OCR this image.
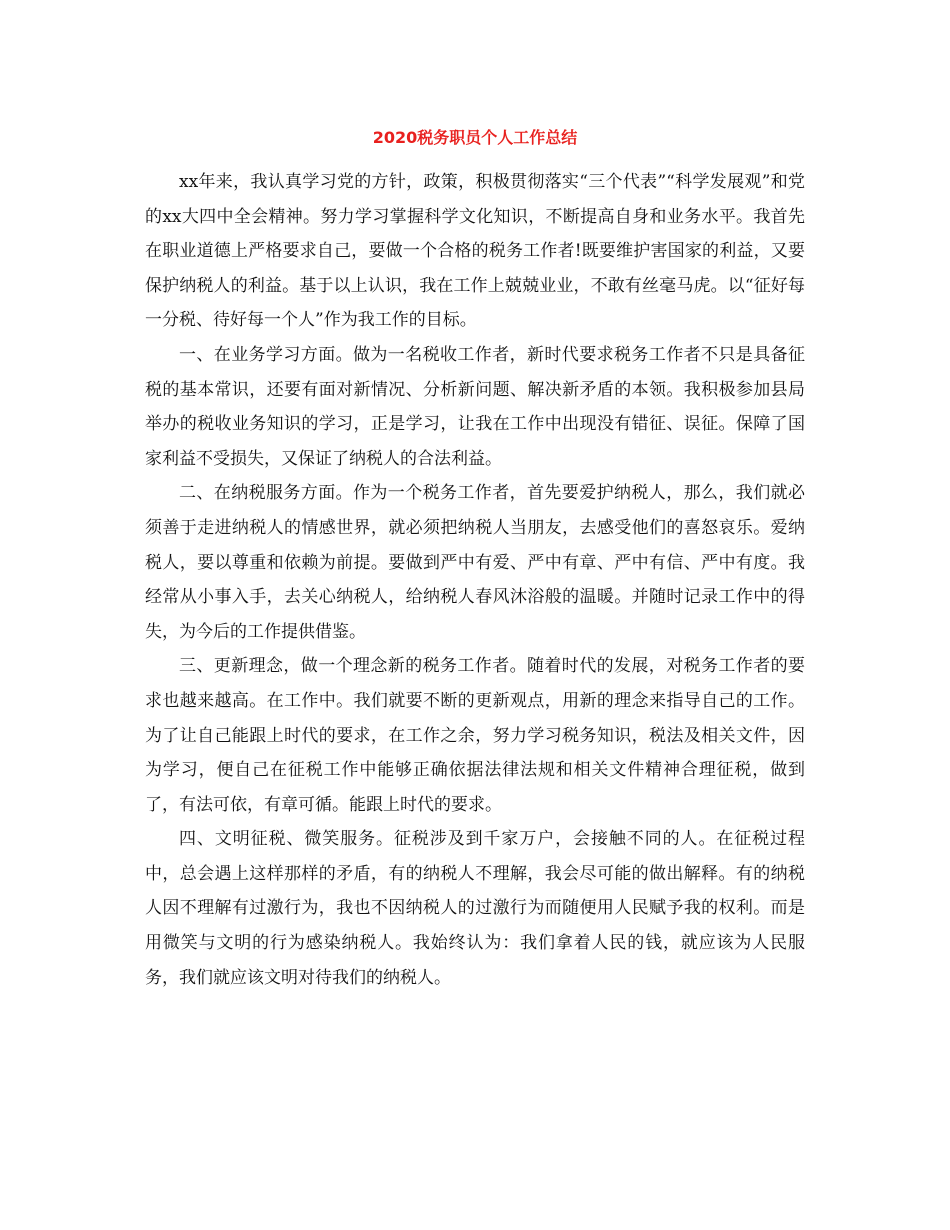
2020税务职员个人工作总结

xx年来，我认真学习党的方针，政策，积极贯彻落实“三个代表”“科学发展观”和党的xx大四中全会精神。努力学习掌握科学文化知识，不断提高自身和业务水平。我首先在职业道德上严格要求自己，要做一个合格的税务工作者!既要维护害国家的利益，又要保护纳税人的利益。基于以上认识，我在工作上兢兢业业，不敢有丝毫马虎。以“征好每一分税、待好每一个人”作为我工作的目标。

一、在业务学习方面。做为一名税收工作者，新时代要求税务工作者不只是具备征税的基本常识，还要有面对新情况、分析新问题、解决新矛盾的本领。我积极参加县局举办的税收业务知识的学习，正是学习，让我在工作中出现没有错征、误征。保障了国家利益不受损失，又保证了纳税人的合法利益。

二、在纳税服务方面。作为一个税务工作者，首先要爱护纳税人，那么，我们就必须善于走进纳税人的情感世界，就必须把纳税人当朋友，去感受他们的喜怒哀乐。爱纳税人，要以尊重和依赖为前提。要做到严中有爱、严中有章、严中有信、严中有度。我经常从小事入手，去关心纳税人，给纳税人春风沐浴般的温暖。并随时记录工作中的得失，为今后的工作提供借鉴。

三、更新理念，做一个理念新的税务工作者。随着时代的发展，对税务工作者的要求也越来越高。在工作中。我们就要不断的更新观点，用新的理念来指导自己的工作。为了让自己能跟上时代的要求，在工作之余，努力学习税务知识，税法及相关文件，因为学习，便自己在征税工作中能够正确依据法律法规和相关文件精神合理征税，做到了，有法可依，有章可循。能跟上时代的要求。

四、文明征税、微笑服务。征税涉及到千家万户，会接触不同的人。在征税过程中，总会遇上这样那样的矛盾，有的纳税人不理解，我会尽可能的做出解释。有的纳税人因不理解有过激行为，我也不因纳税人的过激行为而随便用人民赋予我的权利。而是用微笑与文明的行为感染纳税人。我始终认为：我们拿着人民的钱，就应该为人民服务，我们就应该文明对待我们的纳税人。
